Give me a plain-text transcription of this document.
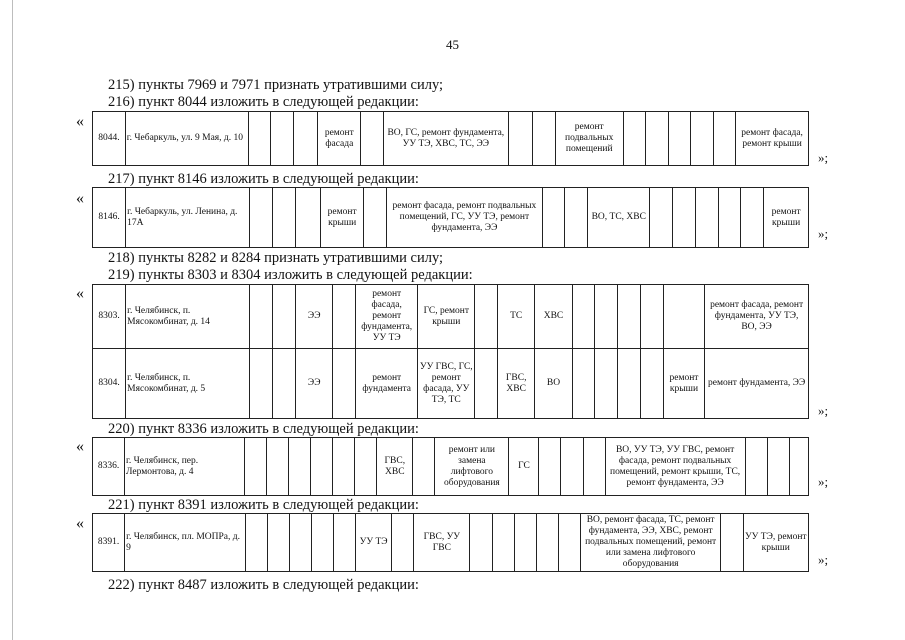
45
215) пункты 7969 и 7971 признать утратившими силу;
216) пункт 8044 изложить в следующей редакции:
«
8044.	г. Чебаркуль, ул. 9 Мая, д. 10				ремонт фасада		ВО, ГС, ремонт фундамента, УУ ТЭ, ХВС, ТС, ЭЭ			ремонт подвальных помещений						ремонт фасада, ремонт крыши
»;
217) пункт 8146 изложить в следующей редакции:
«
8146.	г. Чебаркуль, ул. Ленина, д. 17А				ремонт крыши		ремонт фасада, ремонт подвальных помещений, ГС, УУ ТЭ, ремонт фундамента, ЭЭ			ВО, ТС, ХВС						ремонт крыши
»;
218) пункты 8282 и 8284 признать утратившими силу;
219) пункты 8303 и 8304 изложить в следующей редакции:
«
8303.	г. Челябинск, п. Мясокомбинат, д. 14			ЭЭ		ремонт фасада, ремонт фундамента, УУ ТЭ	ГС, ремонт крыши		ТС	ХВС						ремонт фасада, ремонт фундамента, УУ ТЭ, ВО, ЭЭ
8304.	г. Челябинск, п. Мясокомбинат, д. 5			ЭЭ		ремонт фундамента	УУ ГВС, ГС, ремонт фасада, УУ ТЭ, ТС		ГВС, ХВС	ВО					ремонт крыши	ремонт фундамента, ЭЭ
»;
220) пункт 8336 изложить в следующей редакции:
«
8336.	г. Челябинск, пер. Лермонтова, д. 4							ГВС, ХВС		ремонт или замена лифтового оборудования	ГС				ВО, УУ ТЭ, УУ ГВС, ремонт фасада, ремонт подвальных помещений, ремонт крыши, ТС, ремонт фундамента, ЭЭ				»;
221) пункт 8391 изложить в следующей редакции:
«
8391.	г. Челябинск, пл. МОПРа, д. 9						УУ ТЭ		ГВС, УУ ГВС						ВО, ремонт фасада, ТС, ремонт фундамента, ЭЭ, ХВС, ремонт подвальных помещений, ремонт или замена лифтового оборудования		УУ ТЭ, ремонт крыши
»;
222) пункт 8487 изложить в следующей редакции:
